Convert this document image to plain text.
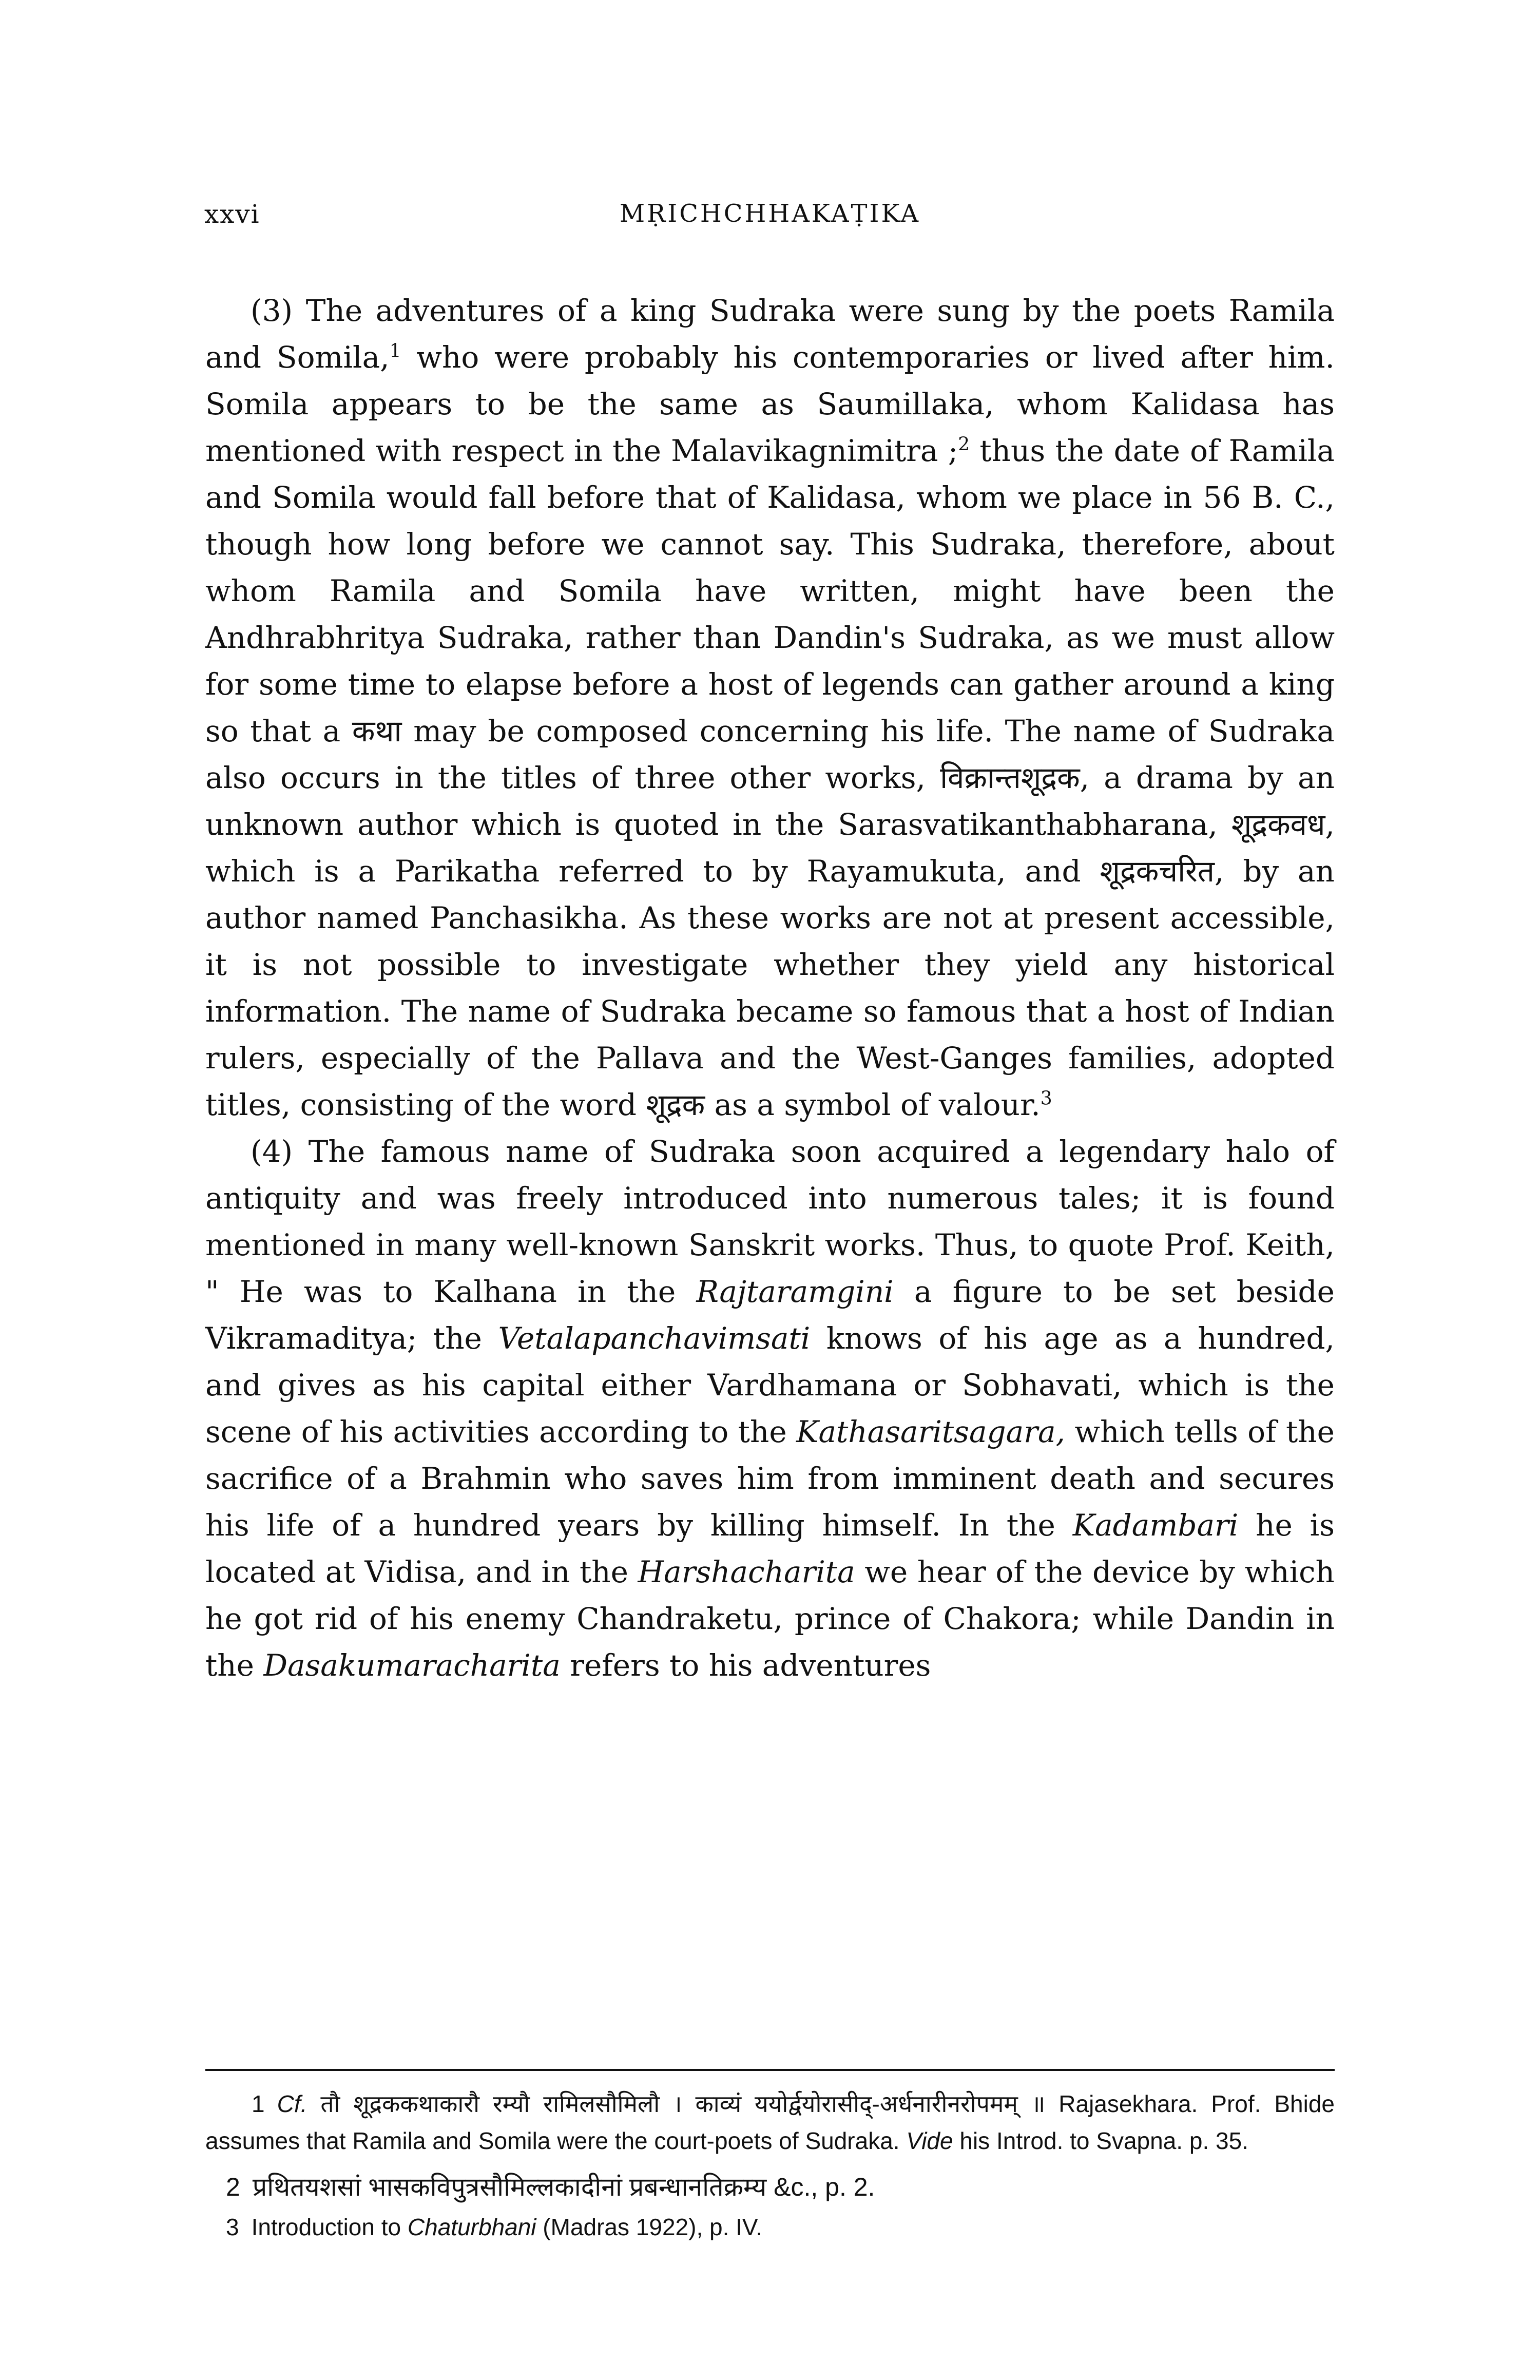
xxvi	MṚICHCHHAKAṬIKA

(3) The adventures of a king Sudraka were sung by the poets Ramila and Somila,$^1$ who were probably his contemporaries or lived after him. Somila appears to be the same as Saumillaka, whom Kalidasa has mentioned with respect in the Malavikagnimitra ;$^2$ thus the date of Ramila and Somila would fall before that of Kalidasa, whom we place in 56 B. C., though how long before we cannot say. This Sudraka, therefore, about whom Ramila and Somila have written, might have been the Andhrabhritya Sudraka, rather than Dandin's Sudraka, as we must allow for some time to elapse before a host of legends can gather around a king so that a कथा may be composed concerning his life. The name of Sudraka also occurs in the titles of three other works, विक्रान्तशूद्रक, a drama by an unknown author which is quoted in the Sarasvatikanthabharana, शूद्रकवध, which is a Parikatha referred to by Rayamukuta, and शूद्रकचरित, by an author named Panchasikha. As these works are not at present accessible, it is not possible to investigate whether they yield any historical information. The name of Sudraka became so famous that a host of Indian rulers, especially of the Pallava and the West-Ganges families, adopted titles, consisting of the word शूद्रक as a symbol of valour.$^3$

(4) The famous name of Sudraka soon acquired a legendary halo of antiquity and was freely introduced into numerous tales; it is found mentioned in many well-known Sanskrit works. Thus, to quote Prof. Keith, " He was to Kalhana in the Rajtaramgini a figure to be set beside Vikramaditya; the Vetalapanchavimsati knows of his age as a hundred, and gives as his capital either Vardhamana or Sobhavati, which is the scene of his activities according to the Kathasaritsagara, which tells of the sacrifice of a Brahmin who saves him from imminent death and secures his life of a hundred years by killing himself. In the Kadambari he is located at Vidisa, and in the Harshacharita we hear of the device by which he got rid of his enemy Chandraketu, prince of Chakora; while Dandin in the Dasakumaracharita refers to his adventures

1 Cf. तौ शूद्रककथाकारौ रम्यौ रामिलसौमिलौ । काव्यं ययोर्द्वयोरासीद्-अर्धनारीनरोपमम् ॥ Rajasekhara. Prof. Bhide assumes that Ramila and Somila were the court-poets of Sudraka. Vide his Introd. to Svapna. p. 35.

2 प्रथितयशसां भासकविपुत्रसौमिल्लकादीनां प्रबन्धानतिक्रम्य &c., p. 2.

3 Introduction to Chaturbhani (Madras 1922), p. IV.
